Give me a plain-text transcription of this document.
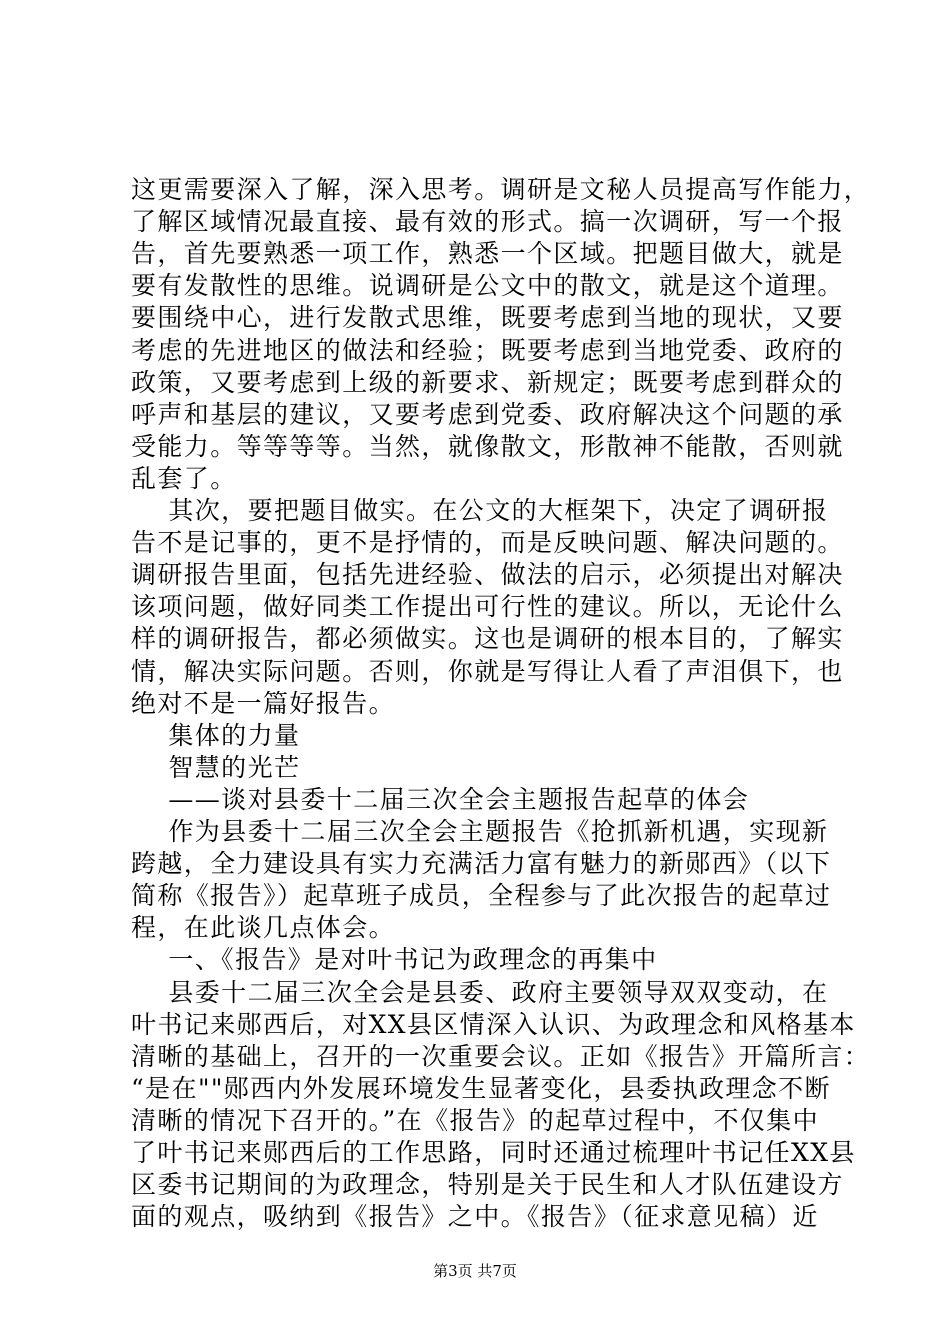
这更需要深入了解，深入思考。调研是文秘人员提高写作能力，
了解区域情况最直接、最有效的形式。搞一次调研，写一个报
告，首先要熟悉一项工作，熟悉一个区域。把题目做大，就是
要有发散性的思维。说调研是公文中的散文，就是这个道理。
要围绕中心，进行发散式思维，既要考虑到当地的现状，又要
考虑的先进地区的做法和经验；既要考虑到当地党委、政府的
政策，又要考虑到上级的新要求、新规定；既要考虑到群众的
呼声和基层的建议，又要考虑到党委、政府解决这个问题的承
受能力。等等等等。当然，就像散文，形散神不能散，否则就
乱套了。
其次，要把题目做实。在公文的大框架下，决定了调研报
告不是记事的，更不是抒情的，而是反映问题、解决问题的。
调研报告里面，包括先进经验、做法的启示，必须提出对解决
该项问题，做好同类工作提出可行性的建议。所以，无论什么
样的调研报告，都必须做实。这也是调研的根本目的，了解实
情，解决实际问题。否则，你就是写得让人看了声泪俱下，也
绝对不是一篇好报告。
集体的力量
智慧的光芒
——谈对县委十二届三次全会主题报告起草的体会
作为县委十二届三次全会主题报告《抢抓新机遇，实现新
跨越，全力建设具有实力充满活力富有魅力的新郧西》（以下
简称《报告》）起草班子成员，全程参与了此次报告的起草过
程，在此谈几点体会。
一、《报告》是对叶书记为政理念的再集中
县委十二届三次全会是县委、政府主要领导双双变动，在
叶书记来郧西后，对XX县区情深入认识、为政理念和风格基本
清晰的基础上，召开的一次重要会议。正如《报告》开篇所言：
“是在""郧西内外发展环境发生显著变化，县委执政理念不断
清晰的情况下召开的。”在《报告》的起草过程中，不仅集中
了叶书记来郧西后的工作思路，同时还通过梳理叶书记任XX县
区委书记期间的为政理念，特别是关于民生和人才队伍建设方
面的观点，吸纳到《报告》之中。《报告》（征求意见稿）近
第3页 共7页
